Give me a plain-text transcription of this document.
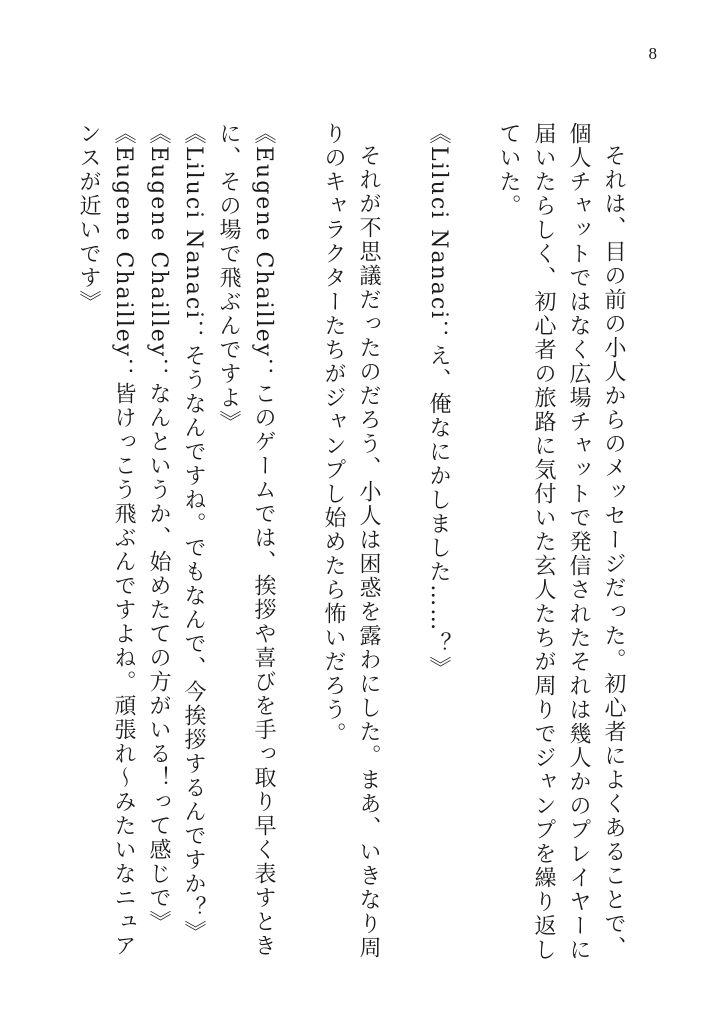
8

それは、目の前の小人からのメッセージだった。初心者によくあることで、個人チャットではなく広場チャットで発信されたそれは幾人かのプレイヤーに届いたらしく、初心者の旅路に気付いた玄人たちが周りでジャンプを繰り返していた。

《Liluci Nanaci：え、俺なにかしました……？》

それが不思議だったのだろう、小人は困惑を露わにした。まあ、いきなり周りのキャラクターたちがジャンプし始めたら怖いだろう。

《Eugene Chailley：このゲームでは、挨拶や喜びを手っ取り早く表すときに、その場で飛ぶんですよ》

《Liluci Nanaci：そうなんですね。でもなんで、今挨拶するんですか？》

《Eugene Chailley：なんというか、始めたての方がいる！って感じで》

《Eugene Chailley：皆けっこう飛ぶんですよね。頑張れ〜みたいなニュアンスが近いです》
